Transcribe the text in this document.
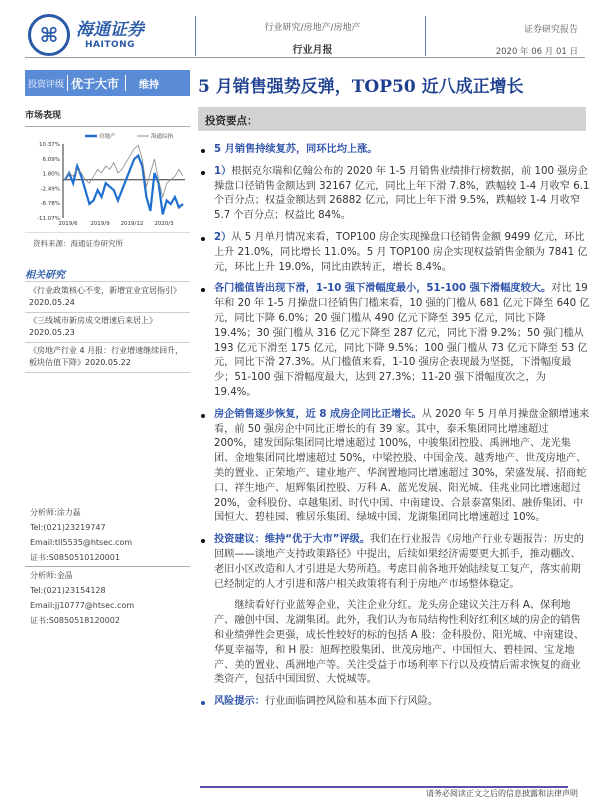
⌘	海通证券
HAITONG
行业研究/房地产/房地产
行业月报
证券研究报告
2020 年 06 月 01 日
投资评级 优于大市 维持 5 月销售强势反弹，TOP50 近八成正增长
市场表现	投资要点：
10.37%
6.09%
1.80%
-2.49%
-6.78%
-11.07%
2019/6 2019/9 2019/12 2020/3
房地产	海通综指
资料来源：海通证券研究所
相关研究
《行业政策核心不变，新增宜业宜居指引》2020.05.24
《三线城市新房成交增速后来居上》2020.05.23
《房地产行业 4 月报：行业增速继续回升，板块估值下降》2020.05.22
分析师:涂力磊
Tel:(021)23219747
Email:tll5535@htsec.com
证书:S0850510120001
分析师:金晶
Tel:(021)23154128
Email:jj10777@htsec.com
证书:S0850518120002
5 月销售持续复苏，同环比均上涨。
1）根据克尔瑞和亿翰公布的 2020 年 1-5 月销售业绩排行榜数据，前 100 强房企操盘口径销售金额达到 32167 亿元，同比上年下滑 7.8%，跌幅较 1-4 月收窄 6.1 个百分点；权益金额达到 26882 亿元，同比上年下滑 9.5%，跌幅较 1-4 月收窄 5.7 个百分点；权益比 84%。
2）从 5 月单月情况来看，TOP100 房企实现操盘口径销售金额 9499 亿元，环比上升 21.0%，同比增长 11.0%。5 月 TOP100 房企实现权益销售金额为 7841 亿元，环比上升 19.0%，同比由跌转正，增长 8.4%。
各门槛值皆出现下滑，1-10 强下滑幅度最小，51-100 强下滑幅度较大。对比 19 年和 20 年 1-5 月操盘口径销售门槛来看，10 强的门槛从 681 亿元下降至 640 亿元，同比下降 6.0%；20 强门槛从 490 亿元下降至 395 亿元，同比下降 19.4%；30 强门槛从 316 亿元下降至 287 亿元，同比下滑 9.2%；50 强门槛从 193 亿元下滑至 175 亿元，同比下降 9.5%；100 强门槛从 73 亿元下降至 53 亿元，同比下滑 27.3%。从门槛值来看，1-10 强房企表现最为坚挺，下滑幅度最少；51-100 强下滑幅度最大，达到 27.3%；11-20 强下滑幅度次之，为 19.4%。
房企销售逐步恢复，近 8 成房企同比正增长。从 2020 年 5 月单月操盘金额增速来看，前 50 强房企中同比正增长的有 39 家。其中，泰禾集团同比增速超过 200%，建发国际集团同比增速超过 100%，中骏集团控股、禹洲地产、龙光集团、金地集团同比增速超过 50%，中梁控股、中国金茂、越秀地产、世茂房地产、美的置业、正荣地产、建业地产、华润置地同比增速超过 30%，荣盛发展、招商蛇口、祥生地产、旭辉集团控股、万科 A、蓝光发展、阳光城、佳兆业同比增速超过 20%，金科股份、卓越集团、时代中国、中南建设、合景泰富集团、融侨集团、中国恒大、碧桂园、雅居乐集团、绿城中国、龙湖集团同比增速超过 10%。
投资建议：维持“优于大市”评级。我们在行业报告《房地产行业专题报告：历史的回顾——谈地产支持政策路径》中提出，后续如果经济需要更大抓手，推动棚改、老旧小区改造和人才引进是大势所趋。考虑目前各地开始陆续复工复产，落实前期已经制定的人才引进和落户相关政策将有利于房地产市场整体稳定。
继续看好行业蓝筹企业，关注企业分红。龙头房企建议关注万科 A、保利地产、融创中国、龙湖集团。此外，我们认为布局结构性利好红利区域的房企的销售和业绩弹性会更强，成长性较好的标的包括 A 股：金科股份、阳光城、中南建设、华夏幸福等，和 H 股：旭辉控股集团、世茂房地产、中国恒大、碧桂园、宝龙地产、美的置业、禹洲地产等。关注受益于市场利率下行以及疫情后需求恢复的商业类资产，包括中国国贸、大悦城等。
风险提示：行业面临调控风险和基本面下行风险。
请务必阅读正文之后的信息披露和法律声明
